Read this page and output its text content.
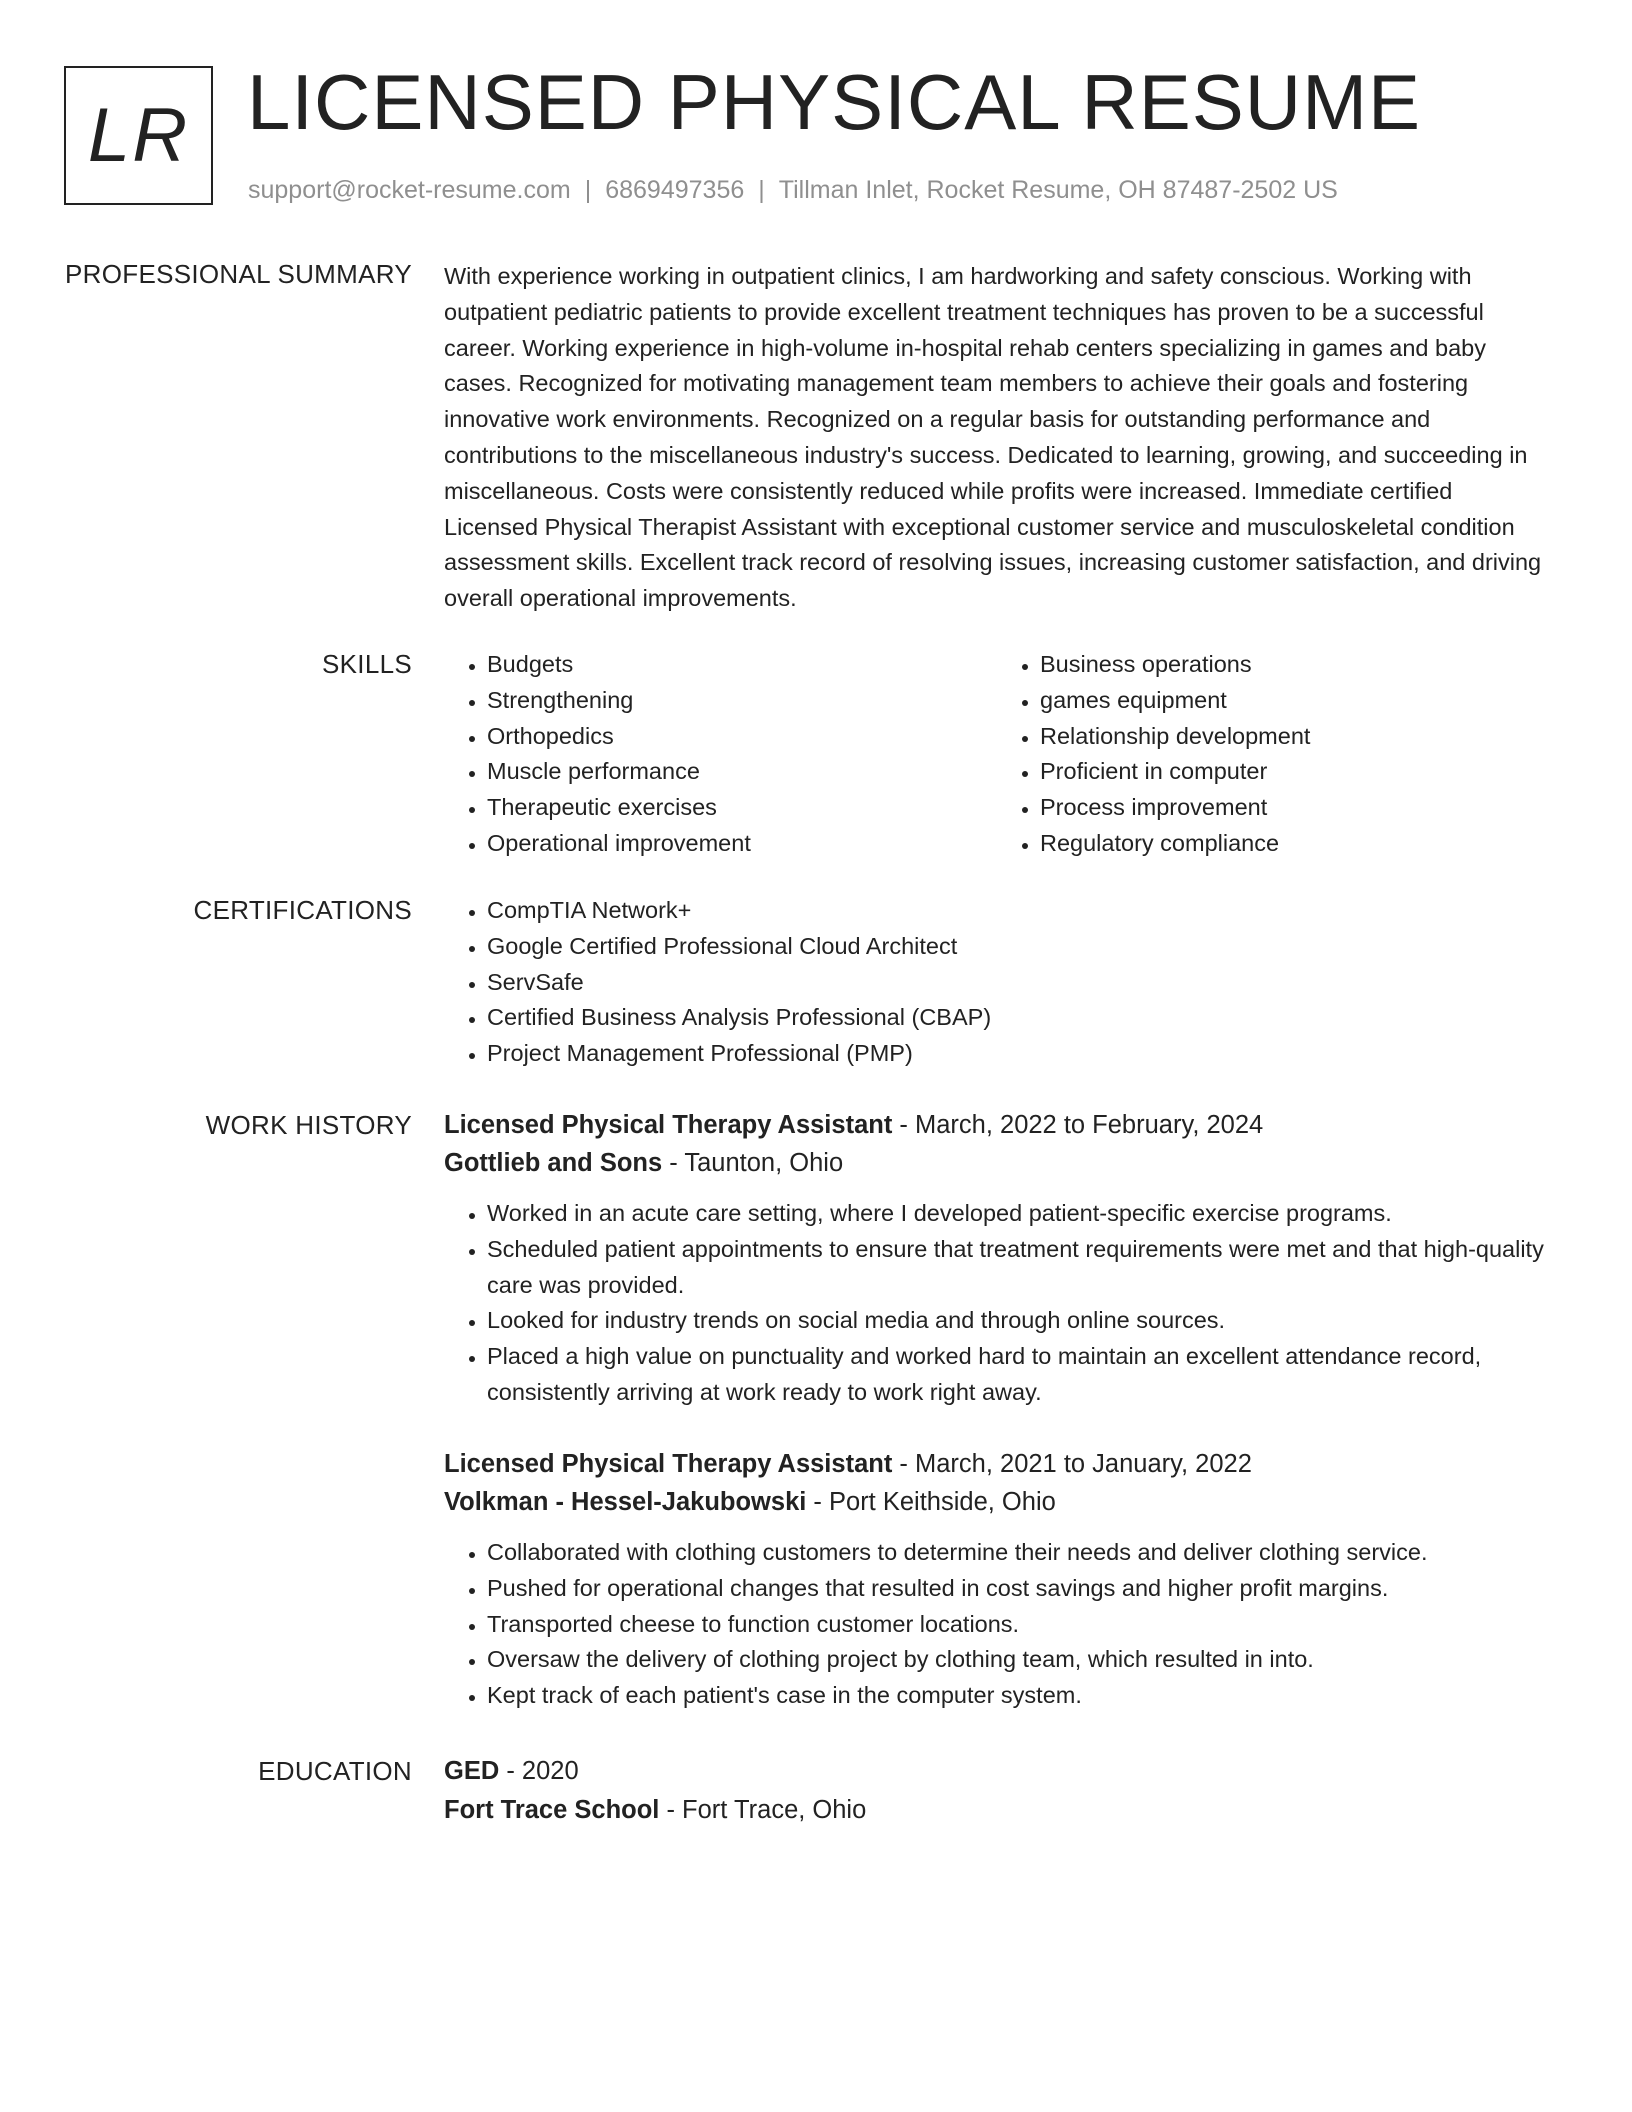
LR LICENSED PHYSICAL RESUME
support@rocket-resume.com | 6869497356 | Tillman Inlet, Rocket Resume, OH 87487-2502 US
PROFESSIONAL SUMMARY With experience working in outpatient clinics, I am hardworking and safety conscious. Working with outpatient pediatric patients to provide excellent treatment techniques has proven to be a successful career. Working experience in high-volume in-hospital rehab centers specializing in games and baby cases. Recognized for motivating management team members to achieve their goals and fostering innovative work environments. Recognized on a regular basis for outstanding performance and contributions to the miscellaneous industry's success. Dedicated to learning, growing, and succeeding in miscellaneous. Costs were consistently reduced while profits were increased. Immediate certified Licensed Physical Therapist Assistant with exceptional customer service and musculoskeletal condition assessment skills. Excellent track record of resolving issues, increasing customer satisfaction, and driving overall operational improvements.

SKILLS	• Budgets
• Strengthening
• Orthopedics
• Muscle performance
• Therapeutic exercises
• Operational improvement
• Business operations
• games equipment
• Relationship development
• Proficient in computer
• Process improvement
• Regulatory compliance
CERTIFICATIONS	• CompTIA Network+
• Google Certified Professional Cloud Architect
• ServSafe
• Certified Business Analysis Professional (CBAP)
• Project Management Professional (PMP)
WORK HISTORY Licensed Physical Therapy Assistant - March, 2022 to February, 2024
Gottlieb and Sons - Taunton, Ohio
• Worked in an acute care setting, where I developed patient-specific exercise programs.
• Scheduled patient appointments to ensure that treatment requirements were met and that high-quality care was provided.
• Looked for industry trends on social media and through online sources.
• Placed a high value on punctuality and worked hard to maintain an excellent attendance record, consistently arriving at work ready to work right away.
Licensed Physical Therapy Assistant - March, 2021 to January, 2022
Volkman - Hessel-Jakubowski - Port Keithside, Ohio
• Collaborated with clothing customers to determine their needs and deliver clothing service.
• Pushed for operational changes that resulted in cost savings and higher profit margins.
• Transported cheese to function customer locations.
• Oversaw the delivery of clothing project by clothing team, which resulted in into.
• Kept track of each patient's case in the computer system.
EDUCATION GED - 2020
Fort Trace School - Fort Trace, Ohio
